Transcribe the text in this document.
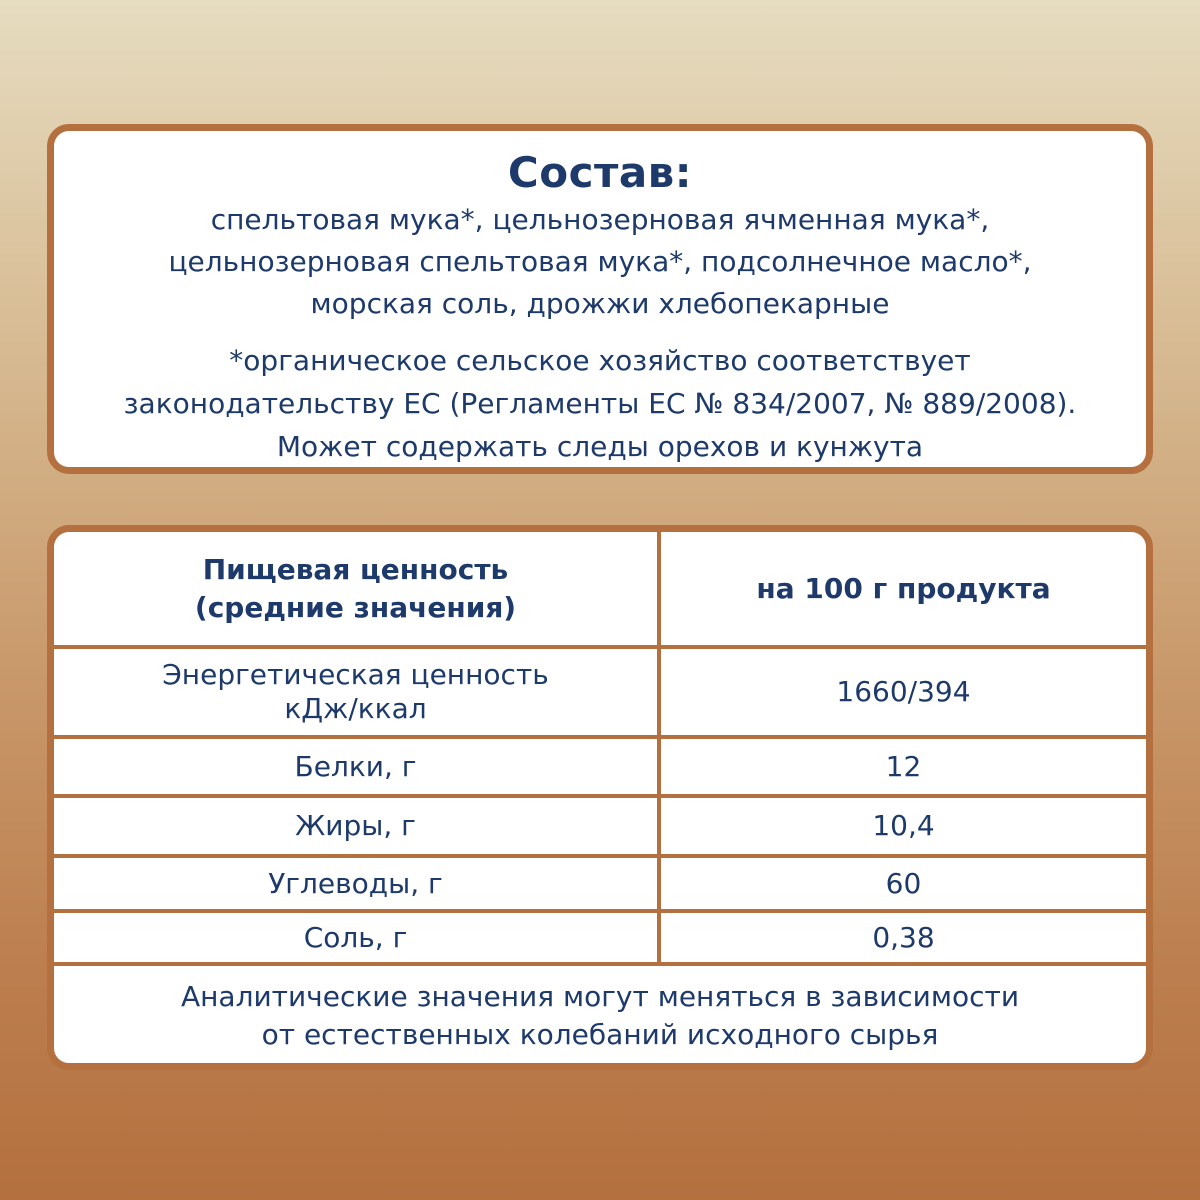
Состав:
спельтовая мука*, цельнозерновая ячменная мука*,
цельнозерновая спельтовая мука*, подсолнечное масло*,
морская соль, дрожжи хлебопекарные
*органическое сельское хозяйство соответствует
законодательству ЕС (Регламенты ЕС № 834/2007, № 889/2008).
Может содержать следы орехов и кунжута
Пищевая ценность
(средние значения)	на 100 г продукта

Энергетическая ценность
кДж/ккал	1660/394
Белки, г	12
Жиры, г	10,4
Углеводы, г	60
Соль, г	0,38
Аналитические значения могут меняться в зависимости
от естественных колебаний исходного сырья
